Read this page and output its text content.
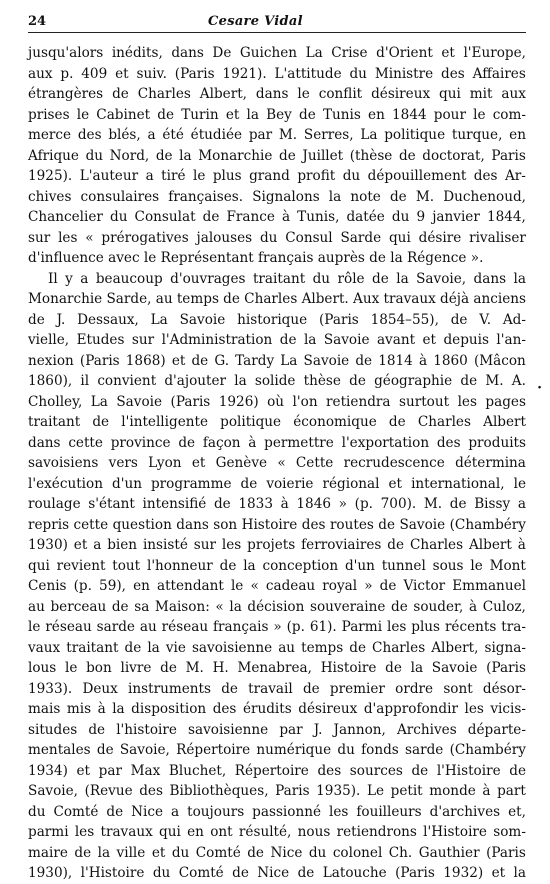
24	Cesare Vidal
jusqu'alors inédits, dans De Guichen La Crise d'Orient et l'Europe,
aux p. 409 et suiv. (Paris 1921). L'attitude du Ministre des Affaires
étrangères de Charles Albert, dans le conflit désireux qui mit aux
prises le Cabinet de Turin et la Bey de Tunis en 1844 pour le com-
merce des blés, a été étudiée par M. Serres, La politique turque, en
Afrique du Nord, de la Monarchie de Juillet (thèse de doctorat, Paris
1925). L'auteur a tiré le plus grand profit du dépouillement des Ar-
chives consulaires françaises. Signalons la note de M. Duchenoud,
Chancelier du Consulat de France à Tunis, datée du 9 janvier 1844,
sur les « prérogatives jalouses du Consul Sarde qui désire rivaliser
d'influence avec le Représentant français auprès de la Régence ».
Il y a beaucoup d'ouvrages traitant du rôle de la Savoie, dans la
Monarchie Sarde, au temps de Charles Albert. Aux travaux déjà anciens
de J. Dessaux, La Savoie historique (Paris 1854–55), de V. Ad-
vielle, Etudes sur l'Administration de la Savoie avant et depuis l'an-
nexion (Paris 1868) et de G. Tardy La Savoie de 1814 à 1860 (Mâcon
1860), il convient d'ajouter la solide thèse de géographie de M. A.
Cholley, La Savoie (Paris 1926) où l'on retiendra surtout les pages
traitant de l'intelligente politique économique de Charles Albert
dans cette province de façon à permettre l'exportation des produits
savoisiens vers Lyon et Genève « Cette recrudescence détermina
l'exécution d'un programme de voierie régional et international, le
roulage s'étant intensifié de 1833 à 1846 » (p. 700). M. de Bissy a
repris cette question dans son Histoire des routes de Savoie (Chambéry
1930) et a bien insisté sur les projets ferroviaires de Charles Albert à
qui revient tout l'honneur de la conception d'un tunnel sous le Mont
Cenis (p. 59), en attendant le « cadeau royal » de Victor Emmanuel
au berceau de sa Maison: « la décision souveraine de souder, à Culoz,
le réseau sarde au réseau français » (p. 61). Parmi les plus récents tra-
vaux traitant de la vie savoisienne au temps de Charles Albert, signa-
lous le bon livre de M. H. Menabrea, Histoire de la Savoie (Paris
1933). Deux instruments de travail de premier ordre sont désor-
mais mis à la disposition des érudits désireux d'approfondir les vicis-
situdes de l'histoire savoisienne par J. Jannon, Archives départe-
mentales de Savoie, Répertoire numérique du fonds sarde (Chambéry
1934) et par Max Bluchet, Répertoire des sources de l'Histoire de
Savoie, (Revue des Bibliothèques, Paris 1935). Le petit monde à part
du Comté de Nice a toujours passionné les fouilleurs d'archives et,
parmi les travaux qui en ont résulté, nous retiendrons l'Histoire som-
maire de la ville et du Comté de Nice du colonel Ch. Gauthier (Paris
1930), l'Histoire du Comté de Nice de Latouche (Paris 1932) et la
·
